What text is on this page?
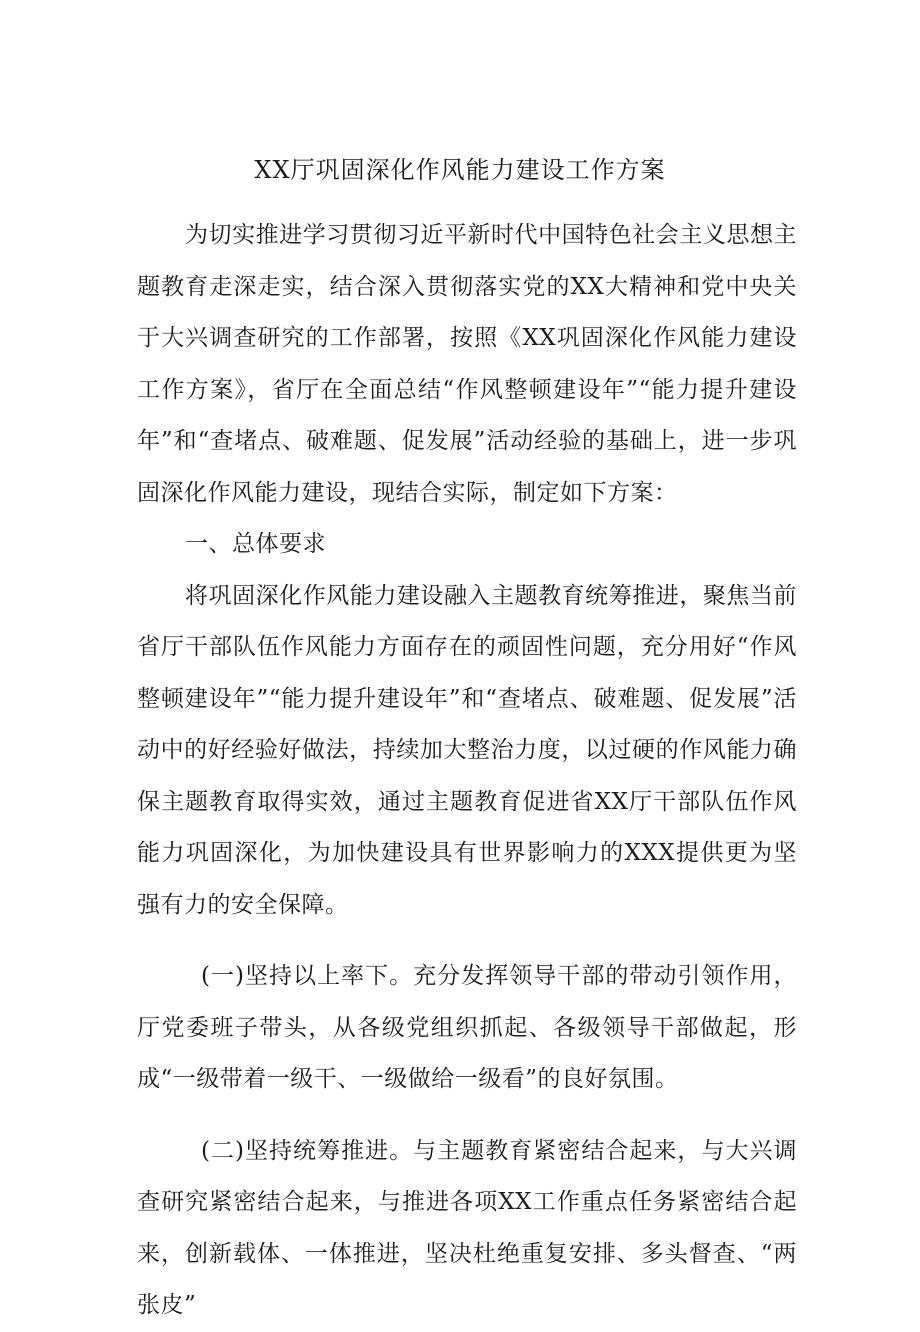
XX厅巩固深化作风能力建设工作方案

为切实推进学习贯彻习近平新时代中国特色社会主义思想主题教育走深走实，结合深入贯彻落实党的XX大精神和党中央关于大兴调查研究的工作部署，按照《XX巩固深化作风能力建设工作方案》，省厅在全面总结“作风整顿建设年”“能力提升建设年”和“查堵点、破难题、促发展”活动经验的基础上，进一步巩固深化作风能力建设，现结合实际，制定如下方案：

一、总体要求

将巩固深化作风能力建设融入主题教育统筹推进，聚焦当前省厅干部队伍作风能力方面存在的顽固性问题，充分用好“作风整顿建设年”“能力提升建设年”和“查堵点、破难题、促发展”活动中的好经验好做法，持续加大整治力度，以过硬的作风能力确保主题教育取得实效，通过主题教育促进省XX厅干部队伍作风能力巩固深化，为加快建设具有世界影响力的XXX提供更为坚强有力的安全保障。

(一)坚持以上率下。充分发挥领导干部的带动引领作用，厅党委班子带头，从各级党组织抓起、各级领导干部做起，形成“一级带着一级干、一级做给一级看”的良好氛围。

(二)坚持统筹推进。与主题教育紧密结合起来，与大兴调查研究紧密结合起来，与推进各项XX工作重点任务紧密结合起来，创新载体、一体推进，坚决杜绝重复安排、多头督查、“两张皮”
